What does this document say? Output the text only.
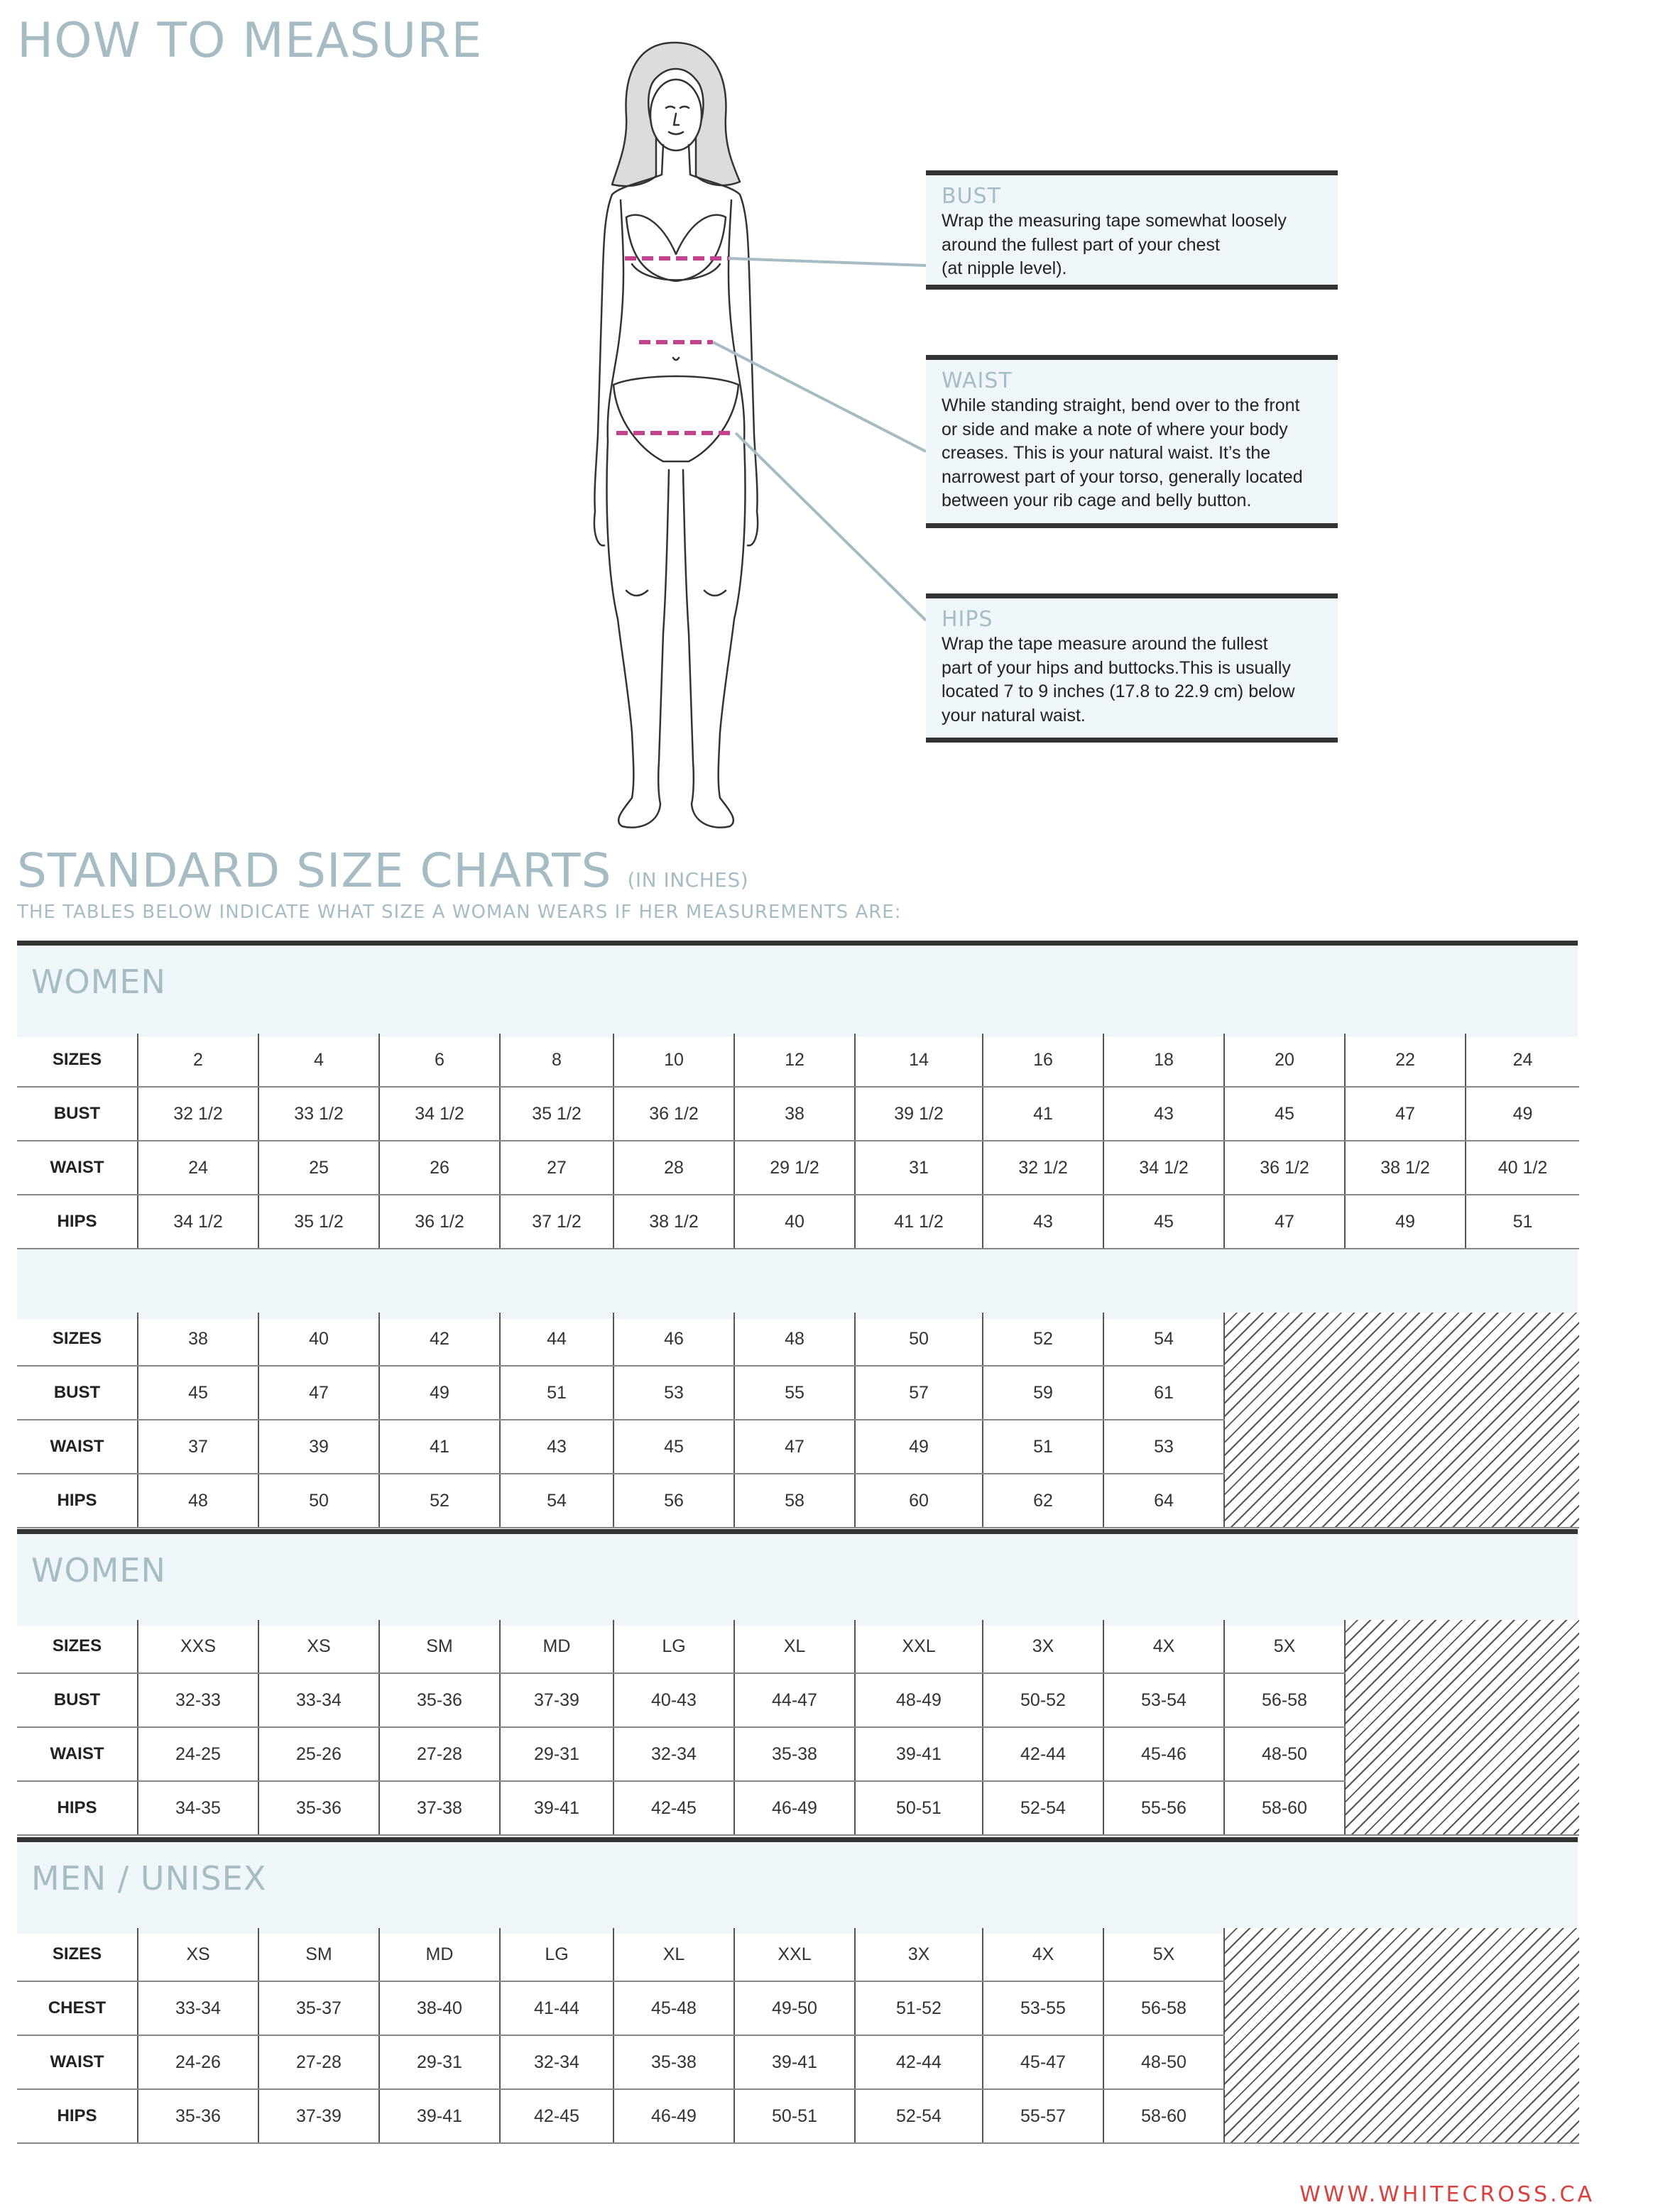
HOW TO MEASURE
BUST
Wrap the measuring tape somewhat loosely
around the fullest part of your chest
(at nipple level).
WAIST
While standing straight, bend over to the front
or side and make a note of where your body
creases. This is your natural waist. It’s the
narrowest part of your torso, generally located
between your rib cage and belly button.
HIPS
Wrap the tape measure around the fullest
part of your hips and buttocks.This is usually
located 7 to 9 inches (17.8 to 22.9 cm) below
your natural waist.
STANDARD SIZE CHARTS (IN INCHES)
THE TABLES BELOW INDICATE WHAT SIZE A WOMAN WEARS IF HER MEASUREMENTS ARE:
WOMEN
WOMEN
MEN / UNISEX
SIZES	2	4	6	8	10	12	14	16	18	20	22	24
BUST	32 1/2	33 1/2	34 1/2	35 1/2	36 1/2	38	39 1/2	41	43	45	47	49
WAIST	24	25	26	27	28	29 1/2	31	32 1/2	34 1/2	36 1/2	38 1/2	40 1/2
HIPS	34 1/2	35 1/2	36 1/2	37 1/2	38 1/2	40	41 1/2	43	45	47	49	51
SIZES	38	40	42	44	46	48	50	52	54	
BUST	45	47	49	51	53	55	57	59	61	
WAIST	37	39	41	43	45	47	49	51	53	
HIPS	48	50	52	54	56	58	60	62	64	
SIZES	XXS	XS	SM	MD	LG	XL	XXL	3X	4X	5X	
BUST	32-33	33-34	35-36	37-39	40-43	44-47	48-49	50-52	53-54	56-58	
WAIST	24-25	25-26	27-28	29-31	32-34	35-38	39-41	42-44	45-46	48-50	
HIPS	34-35	35-36	37-38	39-41	42-45	46-49	50-51	52-54	55-56	58-60	
SIZES	XS	SM	MD	LG	XL	XXL	3X	4X	5X	
CHEST	33-34	35-37	38-40	41-44	45-48	49-50	51-52	53-55	56-58	
WAIST	24-26	27-28	29-31	32-34	35-38	39-41	42-44	45-47	48-50	
HIPS	35-36	37-39	39-41	42-45	46-49	50-51	52-54	55-57	58-60	
WWW.WHITECROSS.CA
